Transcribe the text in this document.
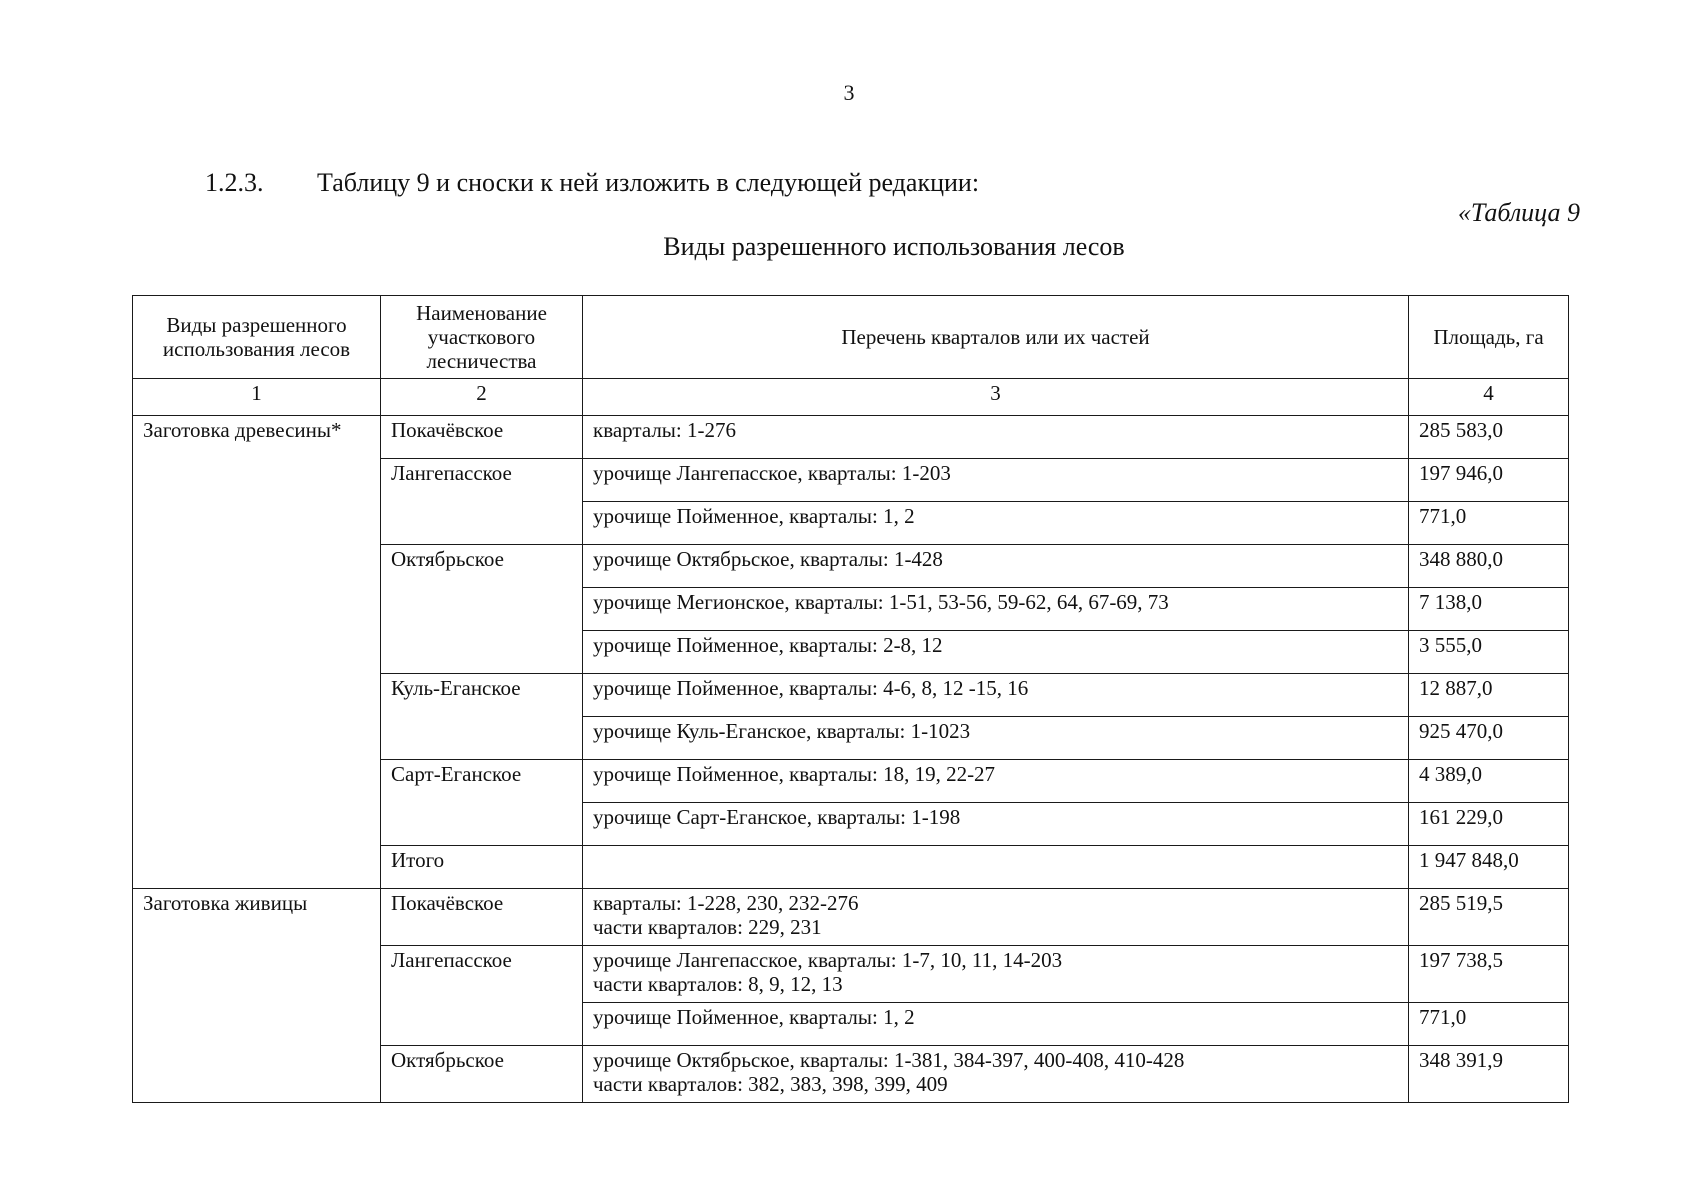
3
1.2.3. Таблицу 9 и сноски к ней изложить в следующей редакции:
«Таблица 9
Виды разрешенного использования лесов
Виды разрешенного использования лесов	Наименование участкового лесничества	Перечень кварталов или их частей	Площадь, га
1	2	3	4
Заготовка древесины*	Покачёвское	кварталы: 1-276	285 583,0
	Лангепасское	урочище Лангепасское, кварталы: 1-203	197 946,0

		урочище Пойменное, кварталы: 1, 2	771,0
	Октябрьское	урочище Октябрьское, кварталы: 1-428	348 880,0

		урочище Мегионское, кварталы: 1-51, 53-56, 59-62, 64, 67-69, 73	7 138,0

		урочище Пойменное, кварталы: 2-8, 12	3 555,0
	Куль-Еганское	урочище Пойменное, кварталы: 4-6, 8, 12 -15, 16	12 887,0

		урочище Куль-Еганское, кварталы: 1-1023	925 470,0
	Сарт-Еганское	урочище Пойменное, кварталы: 18, 19, 22-27	4 389,0

		урочище Сарт-Еганское, кварталы: 1-198	161 229,0
	Итого		1 947 848,0
Заготовка живицы	Покачёвское	кварталы: 1-228, 230, 232-276
части кварталов: 229, 231	285 519,5
	Лангепасское	урочище Лангепасское, кварталы: 1-7, 10, 11, 14-203
части кварталов: 8, 9, 12, 13	197 738,5

		урочище Пойменное, кварталы: 1, 2	771,0
	Октябрьское	урочище Октябрьское, кварталы: 1-381, 384-397, 400-408, 410-428
части кварталов: 382, 383, 398, 399, 409	348 391,9
